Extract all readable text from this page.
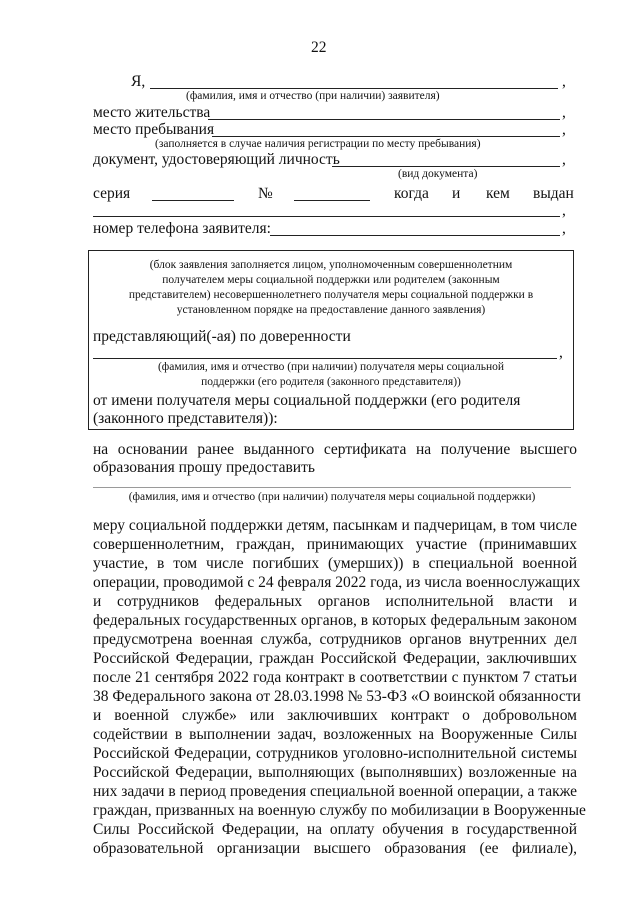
22
Я,	,
(фамилия, имя и отчество (при наличии) заявителя)
место жительства	,
место пребывания	,
(заполняется в случае наличия регистрации по месту пребывания)
документ, удостоверяющий личность	,
(вид документа)
серия	№	когда и кем выдан
,
номер телефона заявителя:	,
(блок заявления заполняется лицом, уполномоченным совершеннолетним
получателем меры социальной поддержки или родителем (законным
представителем) несовершеннолетнего получателя меры социальной поддержки в
установленном порядке на предоставление данного заявления)
представляющий(-ая) по доверенности
,
(фамилия, имя и отчество (при наличии) получателя меры социальной
поддержки (его родителя (законного представителя))
от имени получателя меры социальной поддержки (его родителя
(законного представителя)):
на основании ранее выданного сертификата на получение высшего
образования прошу предоставить
(фамилия, имя и отчество (при наличии) получателя меры социальной поддержки)
меру социальной поддержки детям, пасынкам и падчерицам, в том числе
совершеннолетним, граждан, принимающих участие (принимавших
участие, в том числе погибших (умерших)) в специальной военной
операции, проводимой с 24 февраля 2022 года, из числа военнослужащих
и сотрудников федеральных органов исполнительной власти и
федеральных государственных органов, в которых федеральным законом
предусмотрена военная служба, сотрудников органов внутренних дел
Российской Федерации, граждан Российской Федерации, заключивших
после 21 сентября 2022 года контракт в соответствии с пунктом 7 статьи
38 Федерального закона от 28.03.1998 № 53-ФЗ «О воинской обязанности
и военной службе» или заключивших контракт о добровольном
содействии в выполнении задач, возложенных на Вооруженные Силы
Российской Федерации, сотрудников уголовно-исполнительной системы
Российской Федерации, выполняющих (выполнявших) возложенные на
них задачи в период проведения специальной военной операции, а также
граждан, призванных на военную службу по мобилизации в Вооруженные
Силы Российской Федерации, на оплату обучения в государственной
образовательной организации высшего образования (ее филиале),
